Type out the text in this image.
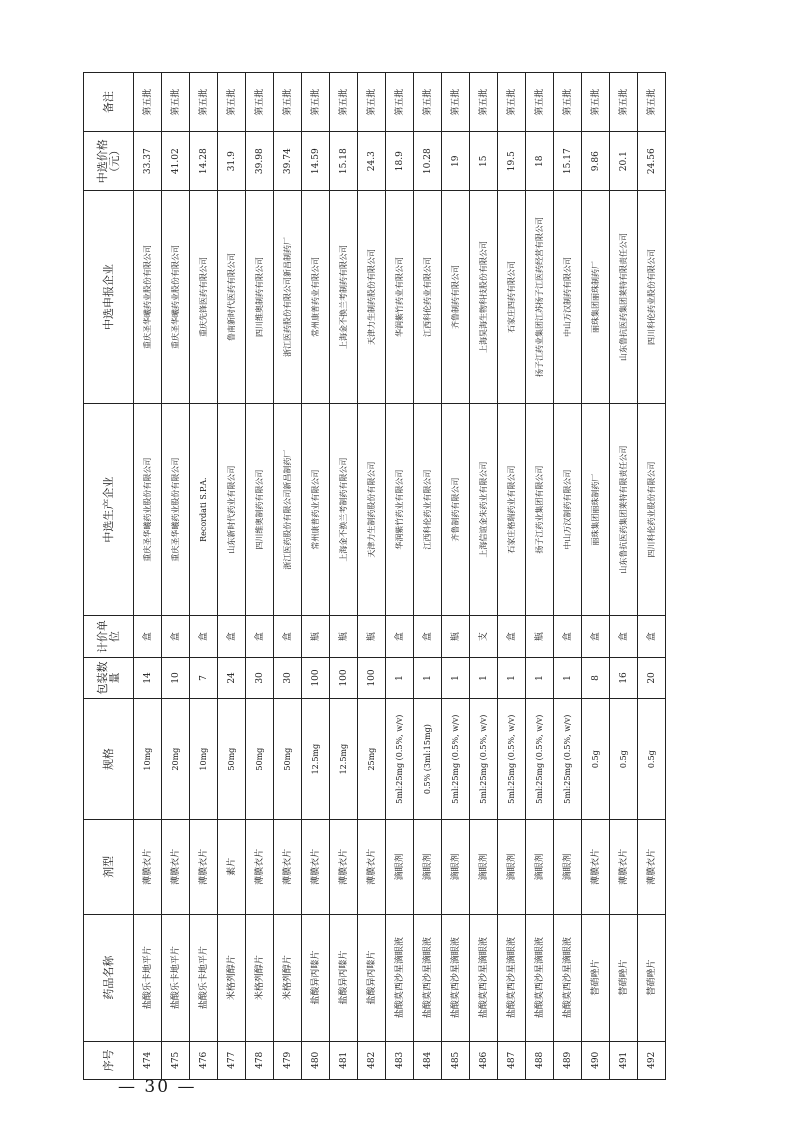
序号	药品名称	剂型	规格	包装数量	计价单位	中选生产企业	中选申报企业	中选价格（元）	备注
474	盐酸乐卡地平片	薄膜衣片	10mg	14	盒	重庆圣华曦药业股份有限公司	重庆圣华曦药业股份有限公司	33.37	第五批
475	盐酸乐卡地平片	薄膜衣片	20mg	10	盒	重庆圣华曦药业股份有限公司	重庆圣华曦药业股份有限公司	41.02	第五批
476	盐酸乐卡地平片	薄膜衣片	10mg	7	盒	Recordati S.P.A.	重庆先锋医药有限公司	14.28	第五批
477	米格列醇片	素片	50mg	24	盒	山东新时代药业有限公司	鲁南新时代医药有限公司	31.9	第五批
478	米格列醇片	薄膜衣片	50mg	30	盒	四川维奥制药有限公司	四川维奥制药有限公司	39.98	第五批
479	米格列醇片	薄膜衣片	50mg	30	盒	浙江医药股份有限公司新昌制药厂	浙江医药股份有限公司新昌制药厂	39.74	第五批
480	盐酸异丙嗪片	薄膜衣片	12.5mg	100	瓶	常州康普药业有限公司	常州康普药业有限公司	14.59	第五批
481	盐酸异丙嗪片	薄膜衣片	12.5mg	100	瓶	上海金不换兰考制药有限公司	上海金不换兰考制药有限公司	15.18	第五批
482	盐酸异丙嗪片	薄膜衣片	25mg	100	瓶	天津力生制药股份有限公司	天津力生制药股份有限公司	24.3	第五批
483	盐酸莫西沙星滴眼液	滴眼剂	5ml:25mg (0.5%, w/v)	1	盒	华润紫竹药业有限公司	华润紫竹药业有限公司	18.9	第五批
484	盐酸莫西沙星滴眼液	滴眼剂	0.5% (3ml:15mg)	1	盒	江西科伦药业有限公司	江西科伦药业有限公司	10.28	第五批
485	盐酸莫西沙星滴眼液	滴眼剂	5ml:25mg (0.5%, w/v)	1	瓶	齐鲁制药有限公司	齐鲁制药有限公司	19	第五批
486	盐酸莫西沙星滴眼液	滴眼剂	5ml:25mg (0.5%, w/v)	1	支	上海信谊金朱药业有限公司	上海昊海生物科技股份有限公司	15	第五批
487	盐酸莫西沙星滴眼液	滴眼剂	5ml:25mg (0.5%, w/v)	1	盒	石家庄格瑞药业有限公司	石家庄四药有限公司	19.5	第五批
488	盐酸莫西沙星滴眼液	滴眼剂	5ml:25mg (0.5%, w/v)	1	瓶	扬子江药业集团有限公司	扬子江药业集团江苏扬子江医药经营有限公司	18	第五批
489	盐酸莫西沙星滴眼液	滴眼剂	5ml:25mg (0.5%, w/v)	1	盒	中山万汉制药有限公司	中山万汉制药有限公司	15.17	第五批
490	替硝唑片	薄膜衣片	0.5g	8	盒	丽珠集团丽珠制药厂	丽珠集团丽珠制药厂	9.86	第五批
491	替硝唑片	薄膜衣片	0.5g	16	盒	山东鲁抗医药集团莱特有限责任公司	山东鲁抗医药集团莱特有限责任公司	20.1	第五批
492	替硝唑片	薄膜衣片	0.5g	20	盒	四川科伦药业股份有限公司	四川科伦药业股份有限公司	24.56	第五批
— 30 —
